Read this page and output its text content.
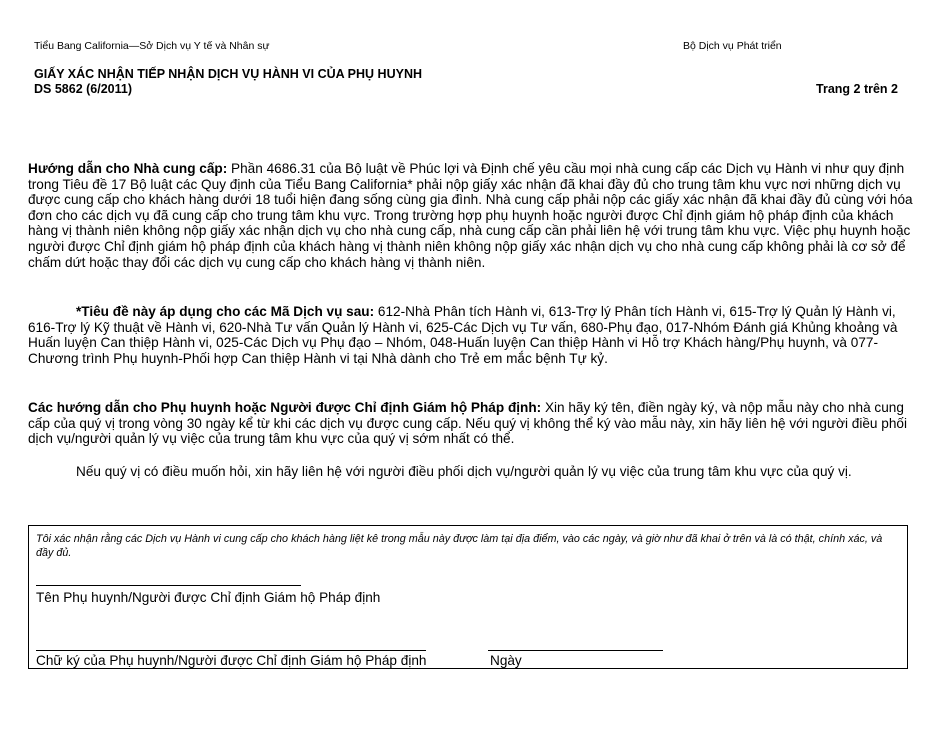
Tiểu Bang California—Sở Dịch vụ Y tế và Nhân sự	Bộ Dịch vụ Phát triển
GIẤY XÁC NHẬN TIẾP NHẬN DỊCH VỤ HÀNH VI CỦA PHỤ HUYNH
DS 5862 (6/2011)	Trang 2 trên 2

Hướng dẫn cho Nhà cung cấp: Phần 4686.31 của Bộ luật về Phúc lợi và Định chế yêu cầu mọi nhà cung cấp các Dịch vụ Hành vi như quy định trong Tiêu đề 17 Bộ luật các Quy định của Tiểu Bang California* phải nộp giấy xác nhận đã khai đầy đủ cho trung tâm khu vực nơi những dịch vụ được cung cấp cho khách hàng dưới 18 tuổi hiện đang sống cùng gia đình. Nhà cung cấp phải nộp các giấy xác nhận đã khai đầy đủ cùng với hóa đơn cho các dịch vụ đã cung cấp cho trung tâm khu vực. Trong trường hợp phụ huynh hoặc người được Chỉ định giám hộ pháp định của khách hàng vị thành niên không nộp giấy xác nhận dịch vụ cho nhà cung cấp, nhà cung cấp cần phải liên hệ với trung tâm khu vực. Việc phụ huynh hoặc người được Chỉ định giám hộ pháp định của khách hàng vị thành niên không nộp giấy xác nhận dịch vụ cho nhà cung cấp không phải là cơ sở để chấm dứt hoặc thay đổi các dịch vụ cung cấp cho khách hàng vị thành niên.

*Tiêu đề này áp dụng cho các Mã Dịch vụ sau: 612-Nhà Phân tích Hành vi, 613-Trợ lý Phân tích Hành vi, 615-Trợ lý Quản lý Hành vi, 616-Trợ lý Kỹ thuật về Hành vi, 620-Nhà Tư vấn Quản lý Hành vi, 625-Các Dịch vụ Tư vấn, 680-Phụ đạo, 017-Nhóm Đánh giá Khủng khoảng và Huấn luyện Can thiệp Hành vi, 025-Các Dịch vụ Phụ đạo – Nhóm, 048-Huấn luyện Can thiệp Hành vi Hỗ trợ Khách hàng/Phụ huynh, và 077-Chương trình Phụ huynh-Phối hợp Can thiệp Hành vi tại Nhà dành cho Trẻ em mắc bệnh Tự kỷ.

Các hướng dẫn cho Phụ huynh hoặc Người được Chỉ định Giám hộ Pháp định: Xin hãy ký tên, điền ngày ký, và nộp mẫu này cho nhà cung cấp của quý vị trong vòng 30 ngày kể từ khi các dịch vụ được cung cấp. Nếu quý vị không thể ký vào mẫu này, xin hãy liên hệ với người điều phối dịch vụ/người quản lý vụ việc của trung tâm khu vực của quý vị sớm nhất có thể.

Nếu quý vị có điều muốn hỏi, xin hãy liên hệ với người điều phối dịch vụ/người quản lý vụ việc của trung tâm khu vực của quý vị.

Tôi xác nhận rằng các Dịch vụ Hành vi cung cấp cho khách hàng liệt kê trong mẫu này được làm tại địa điểm, vào các ngày, và giờ như đã khai ở trên và là có thật, chính xác, và đầy đủ.
Tên Phụ huynh/Người được Chỉ định Giám hộ Pháp định
Chữ ký của Phụ huynh/Người được Chỉ định Giám hộ Pháp định	Ngày
